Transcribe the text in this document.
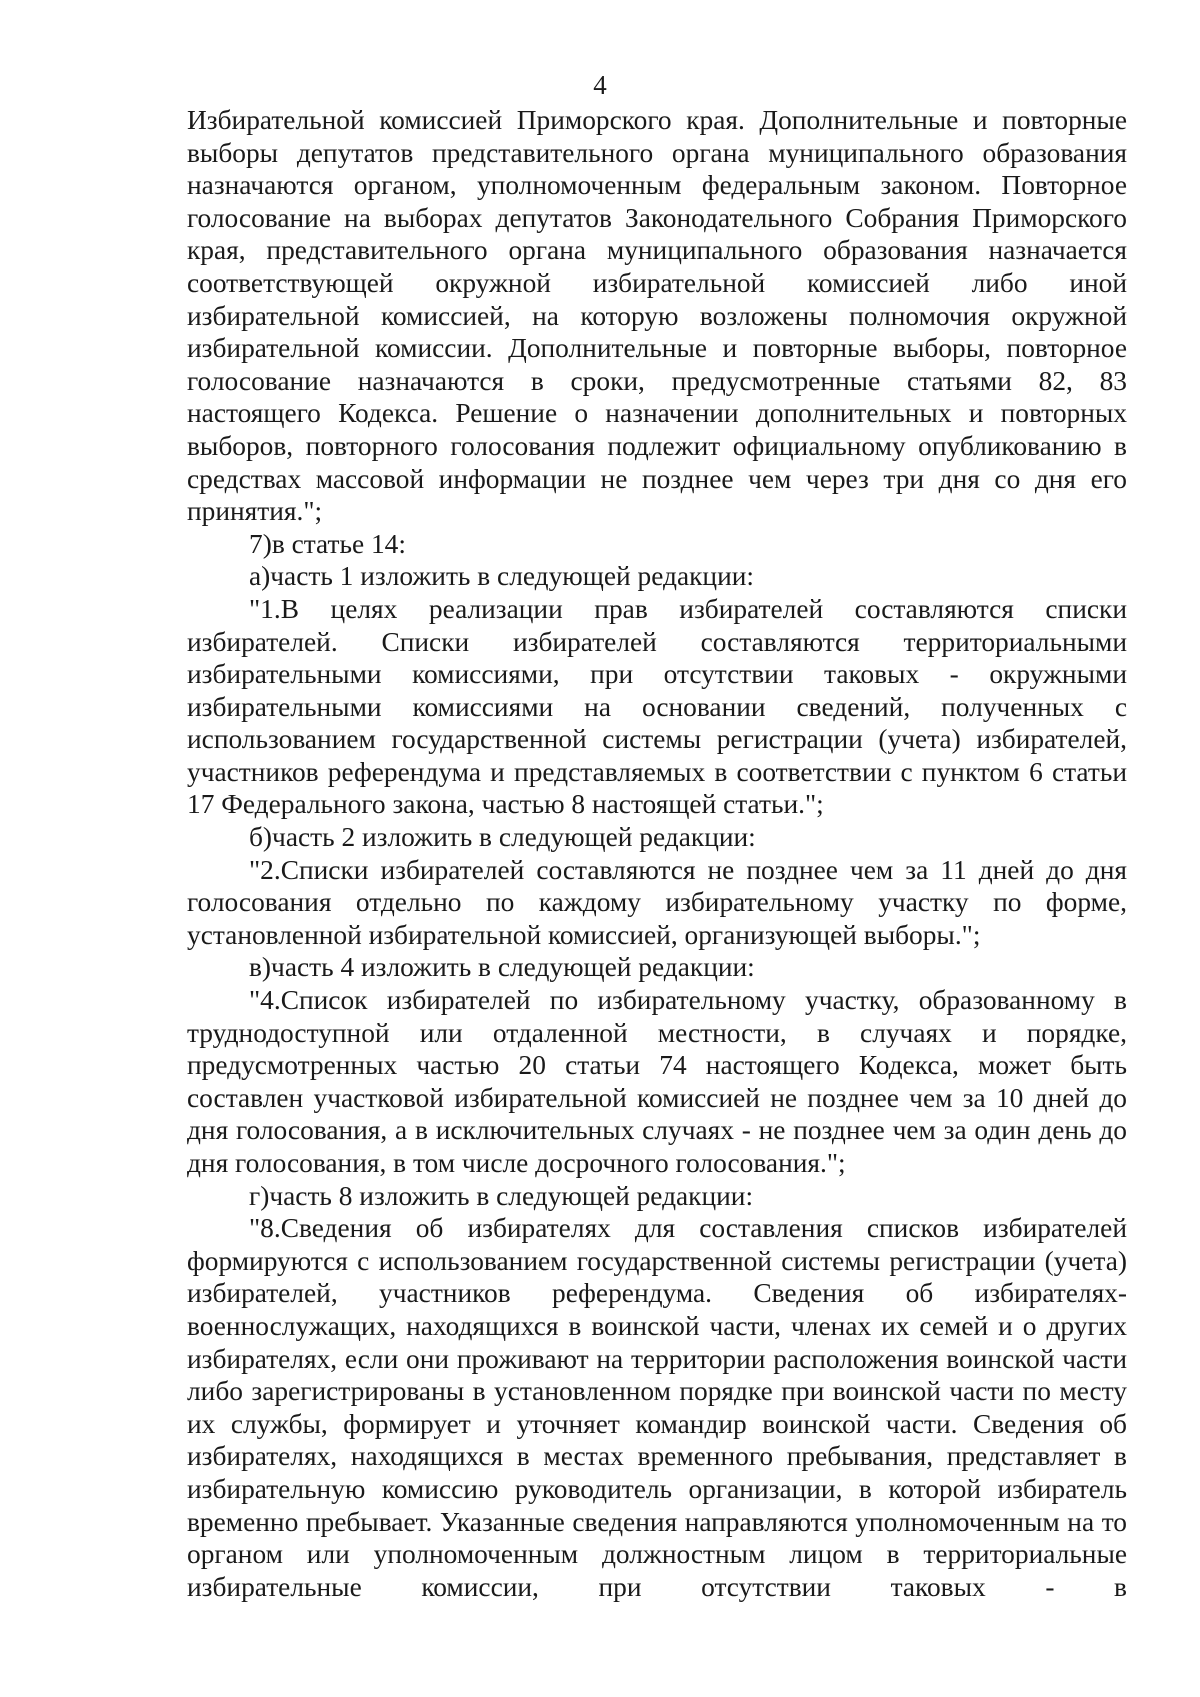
4

Избирательной комиссией Приморского края. Дополнительные и повторные выборы депутатов представительного органа муниципального образования назначаются органом, уполномоченным федеральным законом. Повторное голосование на выборах депутатов Законодательного Собрания Приморского края, представительного органа муниципального образования назначается соответствующей окружной избирательной комиссией либо иной избирательной комиссией, на которую возложены полномочия окружной избирательной комиссии. Дополнительные и повторные выборы, повторное голосование назначаются в сроки, предусмотренные статьями 82, 83 настоящего Кодекса. Решение о назначении дополнительных и повторных выборов, повторного голосования подлежит официальному опубликованию в средствах массовой информации не позднее чем через три дня со дня его принятия.";

7)в статье 14:

а)часть 1 изложить в следующей редакции:

"1.В целях реализации прав избирателей составляются списки избирателей. Списки избирателей составляются территориальными избирательными комиссиями, при отсутствии таковых - окружными избирательными комиссиями на основании сведений, полученных с использованием государственной системы регистрации (учета) избирателей, участников референдума и представляемых в соответствии с пунктом 6 статьи 17 Федерального закона, частью 8 настоящей статьи.";

б)часть 2 изложить в следующей редакции:

"2.Списки избирателей составляются не позднее чем за 11 дней до дня голосования отдельно по каждому избирательному участку по форме, установленной избирательной комиссией, организующей выборы.";

в)часть 4 изложить в следующей редакции:

"4.Список избирателей по избирательному участку, образованному в труднодоступной или отдаленной местности, в случаях и порядке, предусмотренных частью 20 статьи 74 настоящего Кодекса, может быть составлен участковой избирательной комиссией не позднее чем за 10 дней до дня голосования, а в исключительных случаях - не позднее чем за один день до дня голосования, в том числе досрочного голосования.";

г)часть 8 изложить в следующей редакции:

"8.Сведения об избирателях для составления списков избирателей формируются с использованием государственной системы регистрации (учета) избирателей, участников референдума. Сведения об избирателях-военнослужащих, находящихся в воинской части, членах их семей и о других избирателях, если они проживают на территории расположения воинской части либо зарегистрированы в установленном порядке при воинской части по месту их службы, формирует и уточняет командир воинской части. Сведения об избирателях, находящихся в местах временного пребывания, представляет в избирательную комиссию руководитель организации, в которой избиратель временно пребывает. Указанные сведения направляются уполномоченным на то органом или уполномоченным должностным лицом в территориальные избирательные комиссии, при отсутствии таковых - в
